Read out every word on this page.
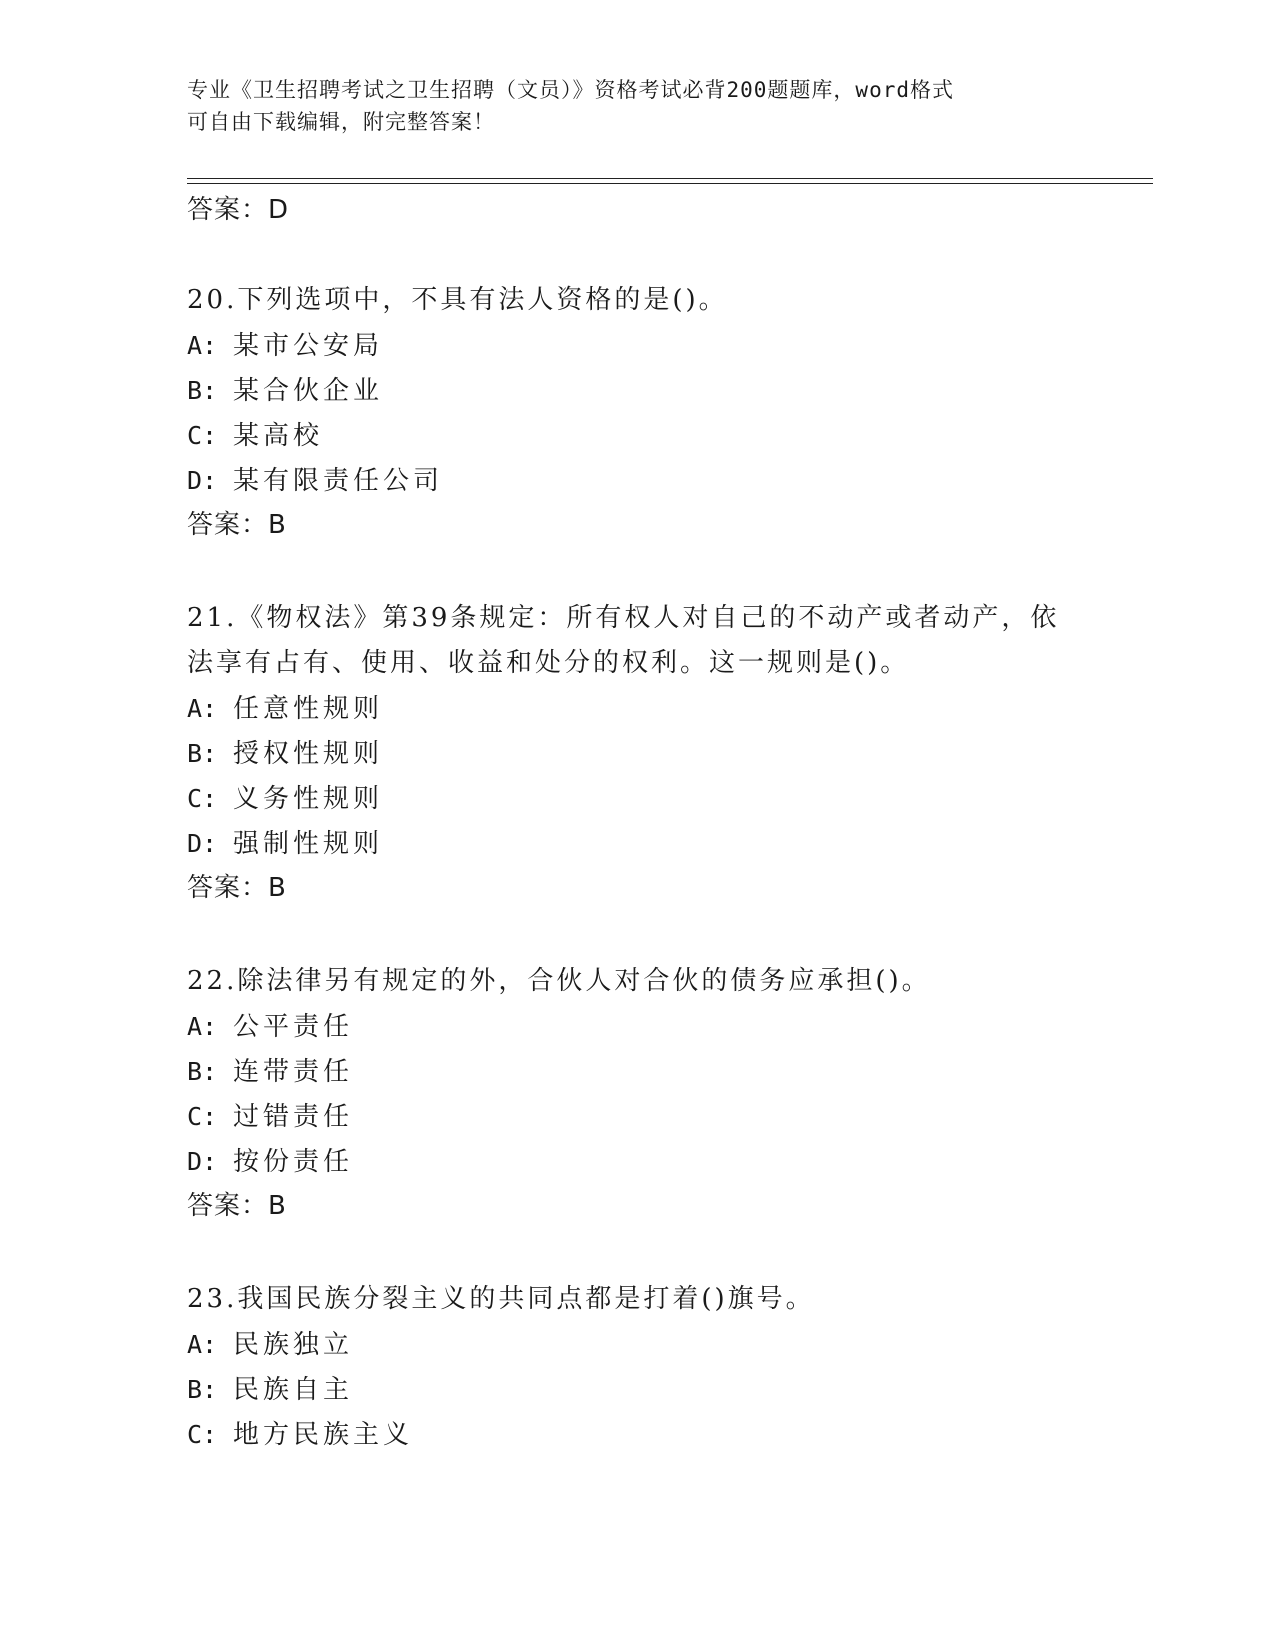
专业《卫生招聘考试之卫生招聘（文员）》资格考试必背200题题库，word格式
可自由下载编辑，附完整答案！
答案：D
20.下列选项中，不具有法人资格的是()。
A: 某市公安局
B: 某合伙企业
C: 某高校
D: 某有限责任公司
答案：B
21.《物权法》第39条规定：所有权人对自己的不动产或者动产，依
法享有占有、使用、收益和处分的权利。这一规则是()。
A: 任意性规则
B: 授权性规则
C: 义务性规则
D: 强制性规则
答案：B
22.除法律另有规定的外，合伙人对合伙的债务应承担()。
A: 公平责任
B: 连带责任
C: 过错责任
D: 按份责任
答案：B
23.我国民族分裂主义的共同点都是打着()旗号。
A: 民族独立
B: 民族自主
C: 地方民族主义
